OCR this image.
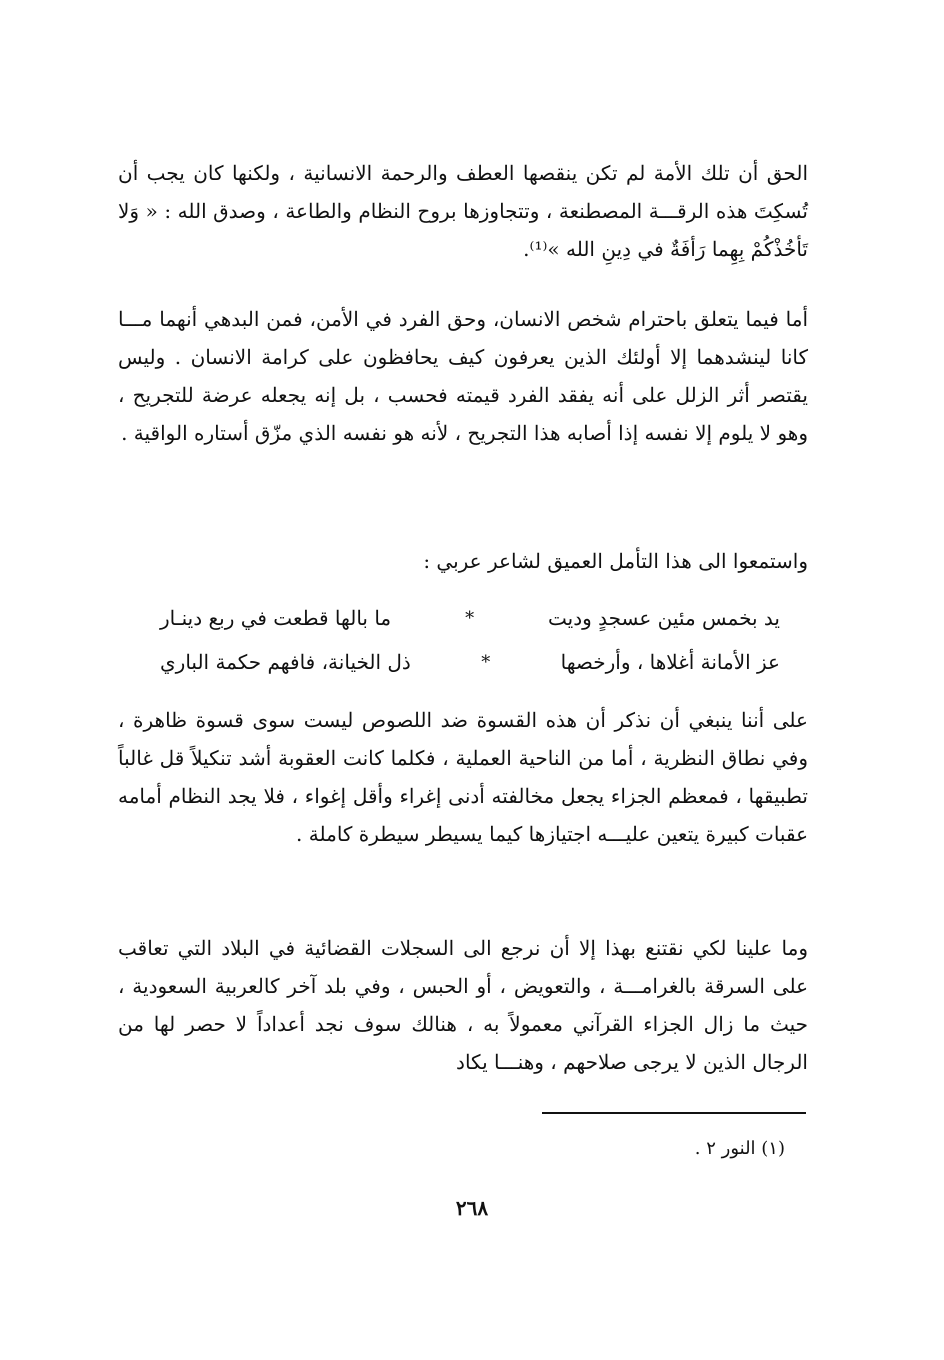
الحق أن تلك الأمة لم تكن ينقصها العطف والرحمة الانسانية ، ولكنها كان يجب أن تُسكِتَ هذه الرقـــة المصطنعة ، وتتجاوزها بروح النظام والطاعة ، وصدق الله : « وَلا تَأخُذْكُمْ بِهِما رَأفَةٌ في دِينِ الله »⁽¹⁾.

أما فيما يتعلق باحترام شخص الانسان، وحق الفرد في الأمن، فمن البدهي أنهما مـــا كانا لينشدهما إلا أولئك الذين يعرفون كيف يحافظون على كرامة الانسان . وليس يقتصر أثر الزلل على أنه يفقد الفرد قيمته فحسب ، بل إنه يجعله عرضة للتجريح ، وهو لا يلوم إلا نفسه إذا أصابه هذا التجريح ، لأنه هو نفسه الذي مزّق أستاره الواقية .

واستمعوا الى هذا التأمل العميق لشاعر عربي :

يد بخمس مئين عسجدٍ وديت
*
ما بالها قطعت في ربع دينـار
عز الأمانة أغلاها ، وأرخصها
*
ذل الخيانة، فافهم حكمة الباري

على أننا ينبغي أن نذكر أن هذه القسوة ضد اللصوص ليست سوى قسوة ظاهرة ، وفي نطاق النظرية ، أما من الناحية العملية ، فكلما كانت العقوبة أشد تنكيلاً قل غالباً تطبيقها ، فمعظم الجزاء يجعل مخالفته أدنى إغراء وأقل إغواء ، فلا يجد النظام أمامه عقبات كبيرة يتعين عليـــه اجتيازها كيما يسيطر سيطرة كاملة .

وما علينا لكي نقتنع بهذا إلا أن نرجع الى السجلات القضائية في البلاد التي تعاقب على السرقة بالغرامـــة ، والتعويض ، أو الحبس ، وفي بلد آخر كالعربية السعودية ، حيث ما زال الجزاء القرآني معمولاً به ، هنالك سوف نجد أعداداً لا حصر لها من الرجال الذين لا يرجى صلاحهم ، وهنـــا يكاد

(١) النور ٢ .
٢٦٨
